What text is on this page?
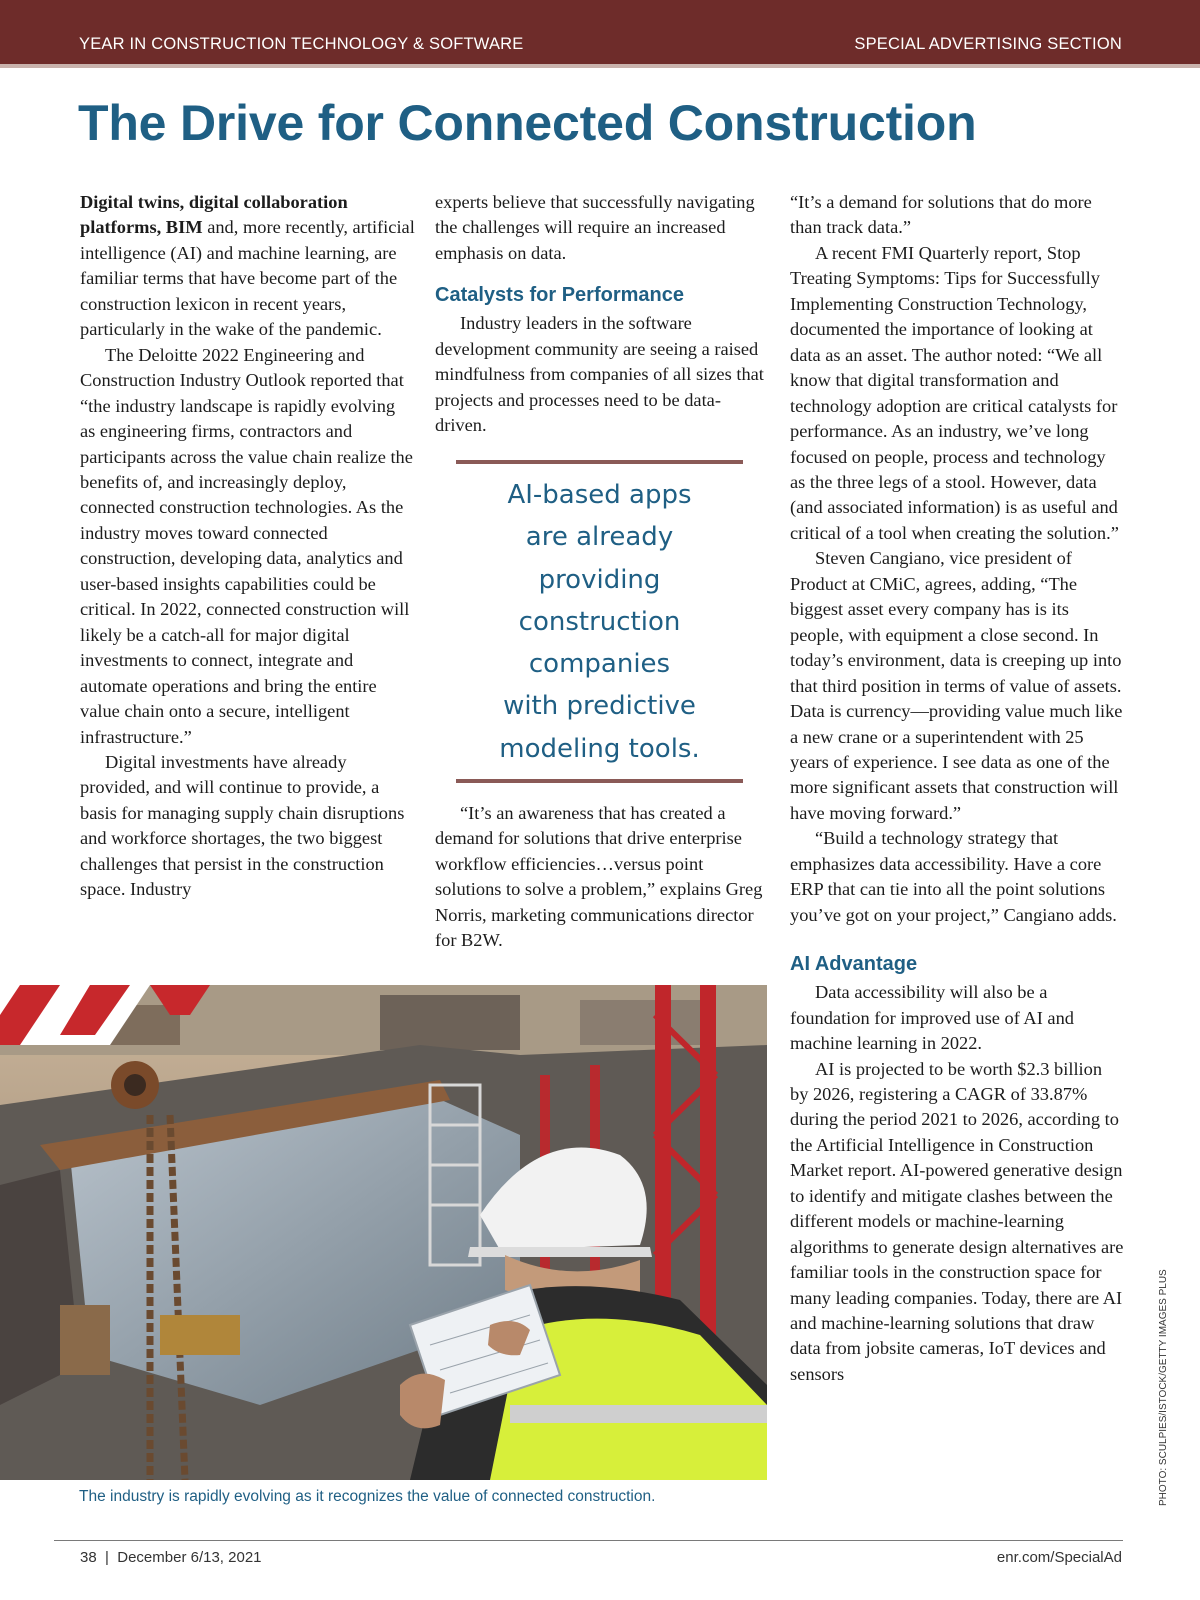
YEAR IN CONSTRUCTION TECHNOLOGY & SOFTWARE	SPECIAL ADVERTISING SECTION
The Drive for Connected Construction

Digital twins, digital collaboration platforms, BIM and, more recently, artificial intelligence (AI) and machine learning, are familiar terms that have become part of the construction lexicon in recent years, particularly in the wake of the pandemic.

The Deloitte 2022 Engineering and Construction Industry Outlook reported that “the industry landscape is rapidly evolving as engineering firms, contractors and participants across the value chain realize the benefits of, and increasingly deploy, connected construction technologies. As the industry moves toward connected construction, developing data, analytics and user-based insights capabilities could be critical. In 2022, connected construction will likely be a catch-all for major digital investments to connect, integrate and automate operations and bring the entire value chain onto a secure, intelligent infrastructure.”

Digital investments have already provided, and will continue to provide, a basis for managing supply chain disruptions and workforce shortages, the two biggest challenges that persist in the construction space. Industry

experts believe that successfully navigating the challenges will require an increased emphasis on data.

Catalysts for Performance

Industry leaders in the software development community are seeing a raised mindfulness from companies of all sizes that projects and processes need to be data-driven.

AI-based apps
are already
providing
construction
companies
with predictive
modeling tools.

“It’s an awareness that has created a demand for solutions that drive enterprise workflow efficiencies…versus point solutions to solve a problem,” explains Greg Norris, marketing communications director for B2W.

“It’s a demand for solutions that do more than track data.”

A recent FMI Quarterly report, Stop Treating Symptoms: Tips for Successfully Implementing Construction Technology, documented the importance of looking at data as an asset. The author noted: “We all know that digital transformation and technology adoption are critical catalysts for performance. As an industry, we’ve long focused on people, process and technology as the three legs of a stool. However, data (and associated information) is as useful and critical of a tool when creating the solution.”

Steven Cangiano, vice president of Product at CMiC, agrees, adding, “The biggest asset every company has is its people, with equipment a close second. In today’s environment, data is creeping up into that third position in terms of value of assets. Data is currency—providing value much like a new crane or a superintendent with 25 years of experience. I see data as one of the more significant assets that construction will have moving forward.”

“Build a technology strategy that emphasizes data accessibility. Have a core ERP that can tie into all the point solutions you’ve got on your project,” Cangiano adds.

AI Advantage

Data accessibility will also be a foundation for improved use of AI and machine learning in 2022.

AI is projected to be worth $2.3 billion by 2026, registering a CAGR of 33.87% during the period 2021 to 2026, according to the Artificial Intelligence in Construction Market report. AI-powered generative design to identify and mitigate clashes between the different models or machine-learning algorithms to generate design alternatives are familiar tools in the construction space for many leading companies. Today, there are AI and machine-learning solutions that draw data from jobsite cameras, IoT devices and sensors

The industry is rapidly evolving as it recognizes the value of connected construction.	PHOTO: SCULPIES/ISTOCK/GETTY IMAGES PLUS
38  |  December 6/13, 2021	enr.com/SpecialAd
